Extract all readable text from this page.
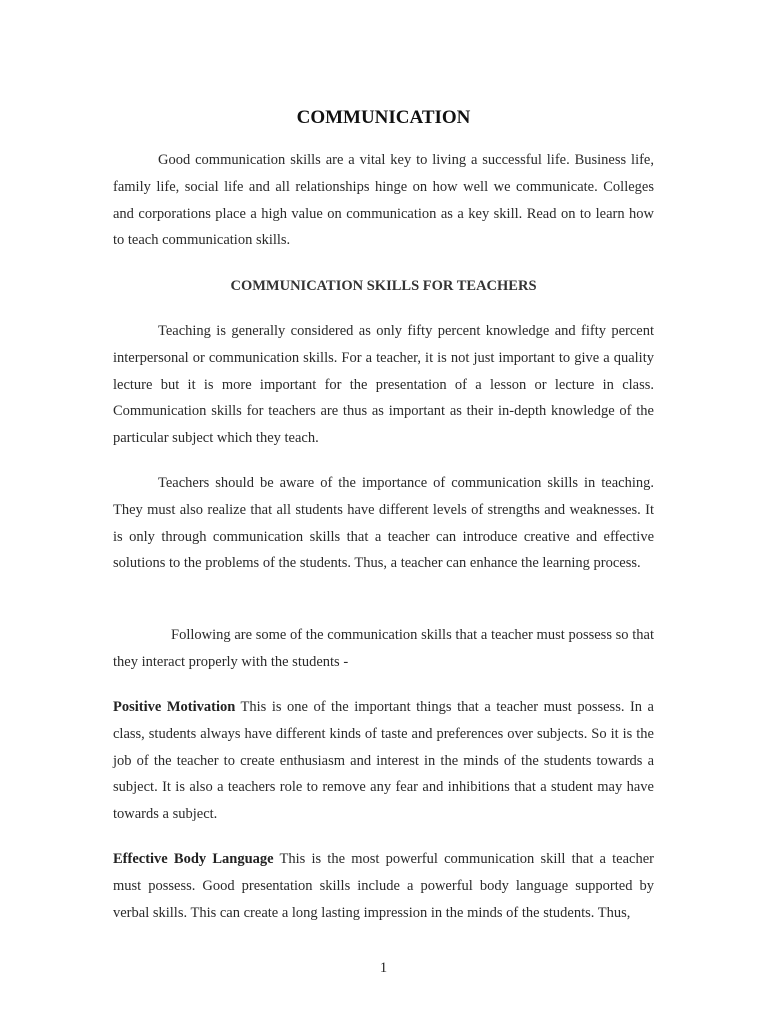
COMMUNICATION

Good communication skills are a vital key to living a successful life. Business life, family life, social life and all relationships hinge on how well we communicate. Colleges and corporations place a high value on communication as a key skill. Read on to learn how to teach communication skills.

COMMUNICATION SKILLS FOR TEACHERS

Teaching is generally considered as only fifty percent knowledge and fifty percent interpersonal or communication skills. For a teacher, it is not just important to give a quality lecture but it is more important for the presentation of a lesson or lecture in class. Communication skills for teachers are thus as important as their in-depth knowledge of the particular subject which they teach.

Teachers should be aware of the importance of communication skills in teaching. They must also realize that all students have different levels of strengths and weaknesses. It is only through communication skills that a teacher can introduce creative and effective solutions to the problems of the students. Thus, a teacher can enhance the learning process.

Following are some of the communication skills that a teacher must possess so that they interact properly with the students -

Positive Motivation This is one of the important things that a teacher must possess. In a class, students always have different kinds of taste and preferences over subjects. So it is the job of the teacher to create enthusiasm and interest in the minds of the students towards a subject. It is also a teachers role to remove any fear and inhibitions that a student may have towards a subject.

Effective Body Language This is the most powerful communication skill that a teacher must possess. Good presentation skills include a powerful body language supported by verbal skills. This can create a long lasting impression in the minds of the students. Thus,

1
